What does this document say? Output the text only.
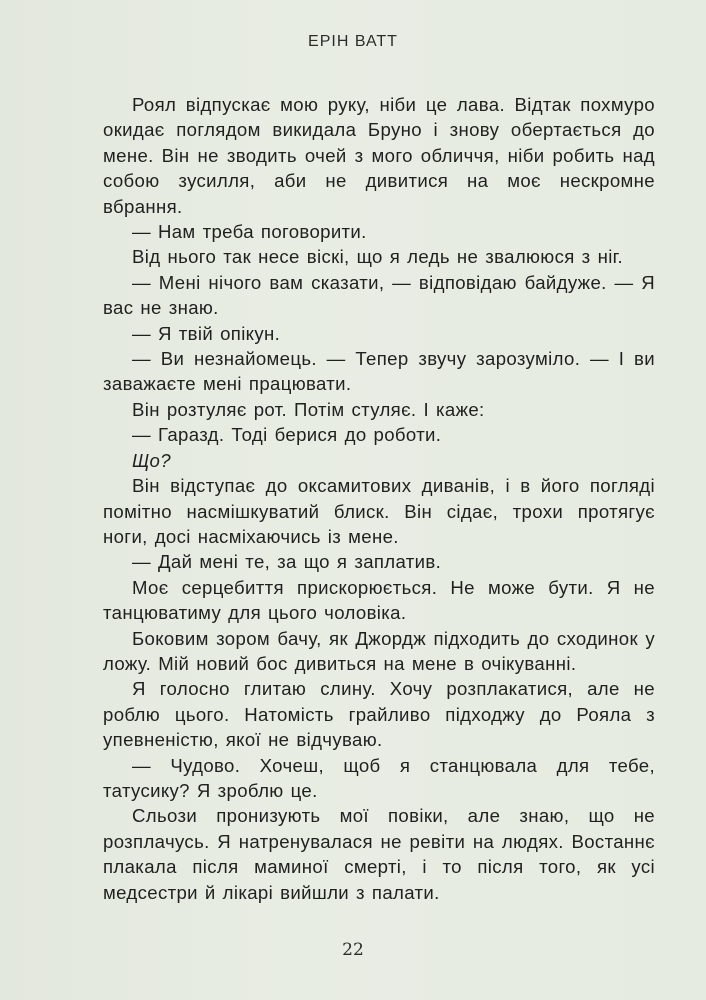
ЕРІН ВАТТ

Роял відпускає мою руку, ніби це лава. Відтак похмуро окидає поглядом викидала Бруно і знову обертається до мене. Він не зводить очей з мого обличчя, ніби робить над собою зусилля, аби не дивитися на моє нескромне вбрання.

— Нам треба поговорити.

Від нього так несе віскі, що я ледь не звалююся з ніг.

— Мені нічого вам сказати, — відповідаю байдуже. — Я вас не знаю.

— Я твій опікун.

— Ви незнайомець. — Тепер звучу зарозуміло. — І ви заважаєте мені працювати.

Він розтуляє рот. Потім стуляє. І каже:

— Гаразд. Тоді берися до роботи.

Що?

Він відступає до оксамитових диванів, і в його погляді помітно насмішкуватий блиск. Він сідає, трохи протягує ноги, досі насміхаючись із мене.

— Дай мені те, за що я заплатив.

Моє серцебиття прискорюється. Не може бути. Я не танцюватиму для цього чоловіка.

Боковим зором бачу, як Джордж підходить до сходинок у ложу. Мій новий бос дивиться на мене в очікуванні.

Я голосно глитаю слину. Хочу розплакатися, але не роблю цього. Натомість грайливо підходжу до Рояла з упевненістю, якої не відчуваю.

— Чудово. Хочеш, щоб я станцювала для тебе, татусику? Я зроблю це.

Сльози пронизують мої повіки, але знаю, що не розплачусь. Я натренувалася не ревіти на людях. Востаннє плакала після маминої смерті, і то після того, як усі медсестри й лікарі вийшли з палати.

22
